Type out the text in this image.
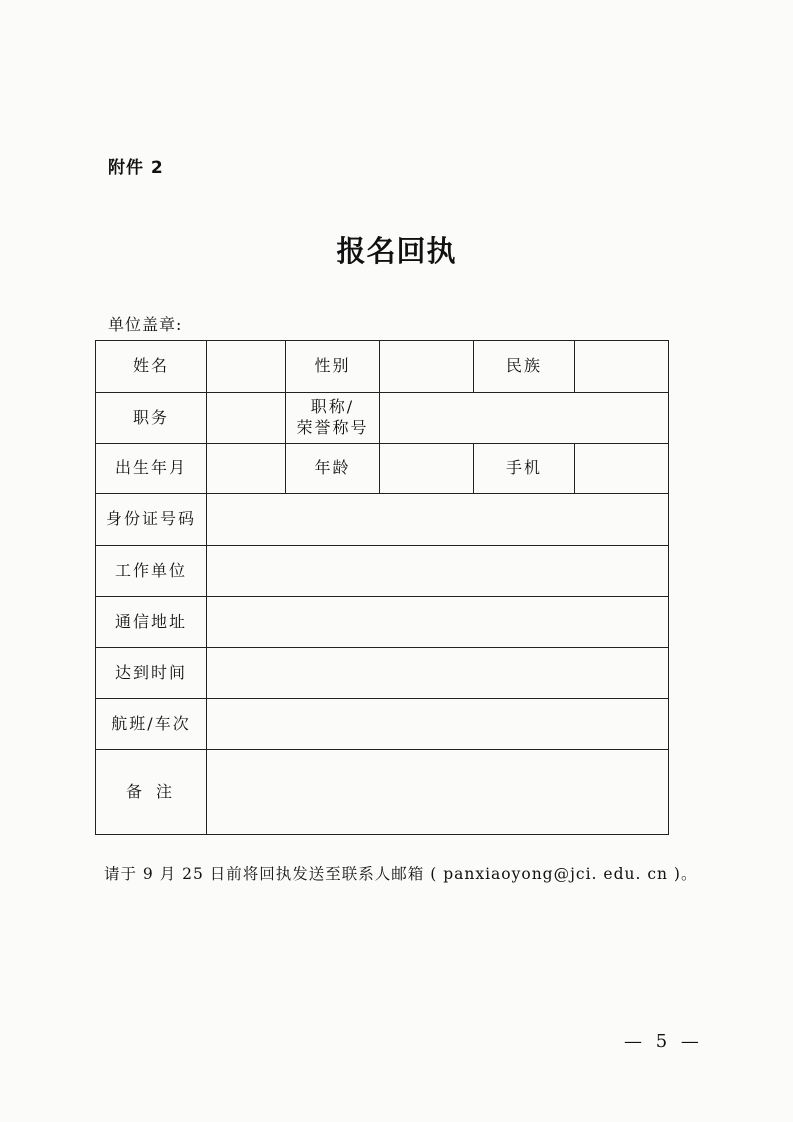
附件 2
报名回执
单位盖章:
姓名		性别		民族	
职务		职称/
荣誉称号			

出生年月		年龄		手机	
身份证号码					
工作单位					
通信地址					
达到时间					
航班/车次					
备注					
请于 9 月 25 日前将回执发送至联系人邮箱 ( panxiaoyong@jci. edu. cn )。
— 5 —
